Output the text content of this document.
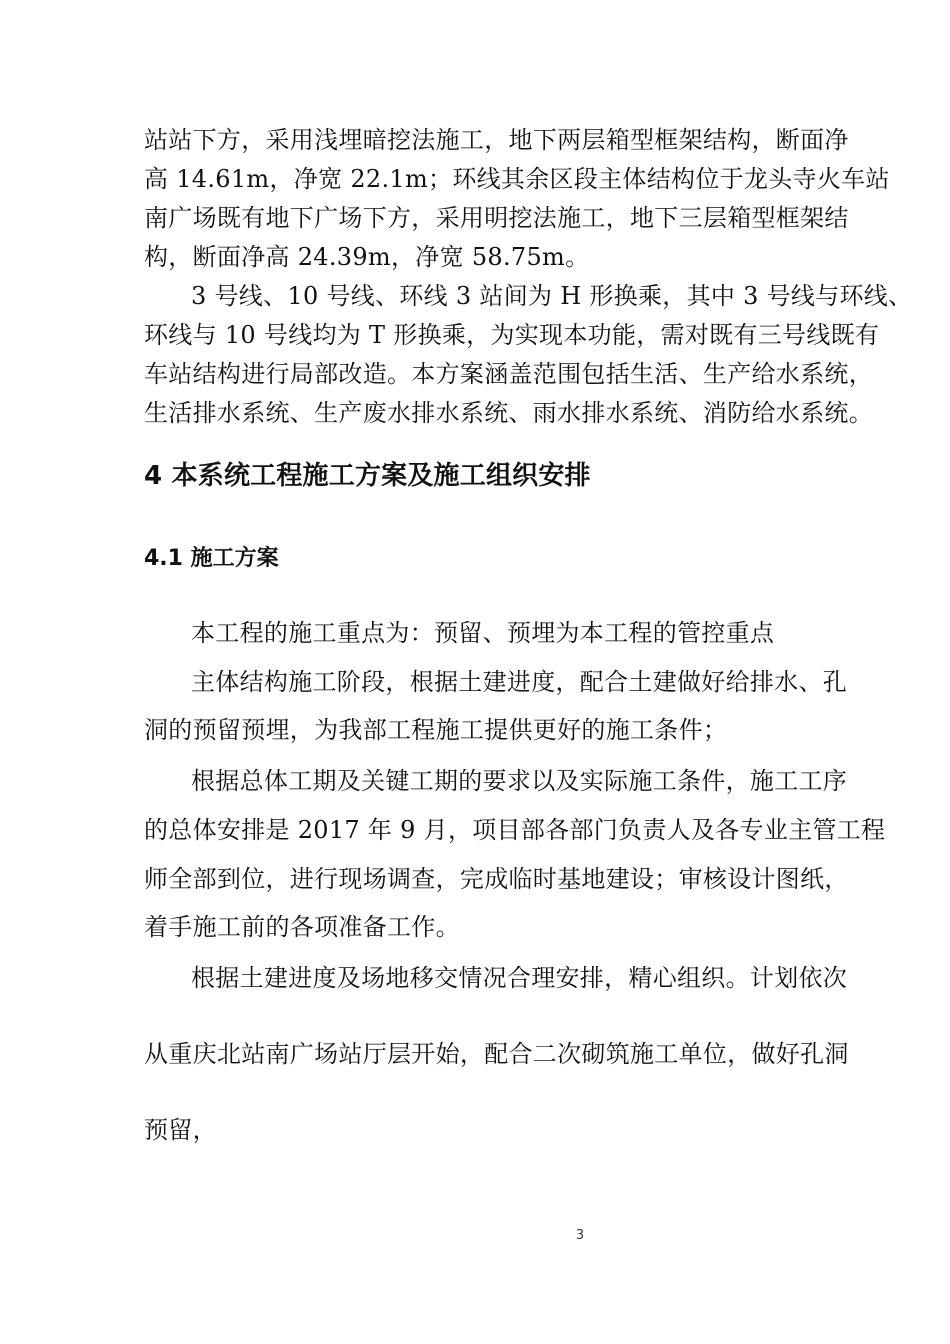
站站下方，采用浅埋暗挖法施工，地下两层箱型框架结构，断面净
高 14.61m，净宽 22.1m；环线其余区段主体结构位于龙头寺火车站
南广场既有地下广场下方，采用明挖法施工，地下三层箱型框架结
构，断面净高 24.39m，净宽 58.75m。
3 号线、10 号线、环线 3 站间为 H 形换乘，其中 3 号线与环线、
环线与 10 号线均为 T 形换乘，为实现本功能，需对既有三号线既有
车站结构进行局部改造。本方案涵盖范围包括生活、生产给水系统，
生活排水系统、生产废水排水系统、雨水排水系统、消防给水系统。
4 本系统工程施工方案及施工组织安排
4.1 施工方案
本工程的施工重点为：预留、预埋为本工程的管控重点
主体结构施工阶段，根据土建进度，配合土建做好给排水、孔
洞的预留预埋，为我部工程施工提供更好的施工条件；
根据总体工期及关键工期的要求以及实际施工条件，施工工序
的总体安排是 2017 年 9 月，项目部各部门负责人及各专业主管工程
师全部到位，进行现场调查，完成临时基地建设；审核设计图纸，
着手施工前的各项准备工作。
根据土建进度及场地移交情况合理安排，精心组织。计划依次
从重庆北站南广场站厅层开始，配合二次砌筑施工单位，做好孔洞
预留，
3
